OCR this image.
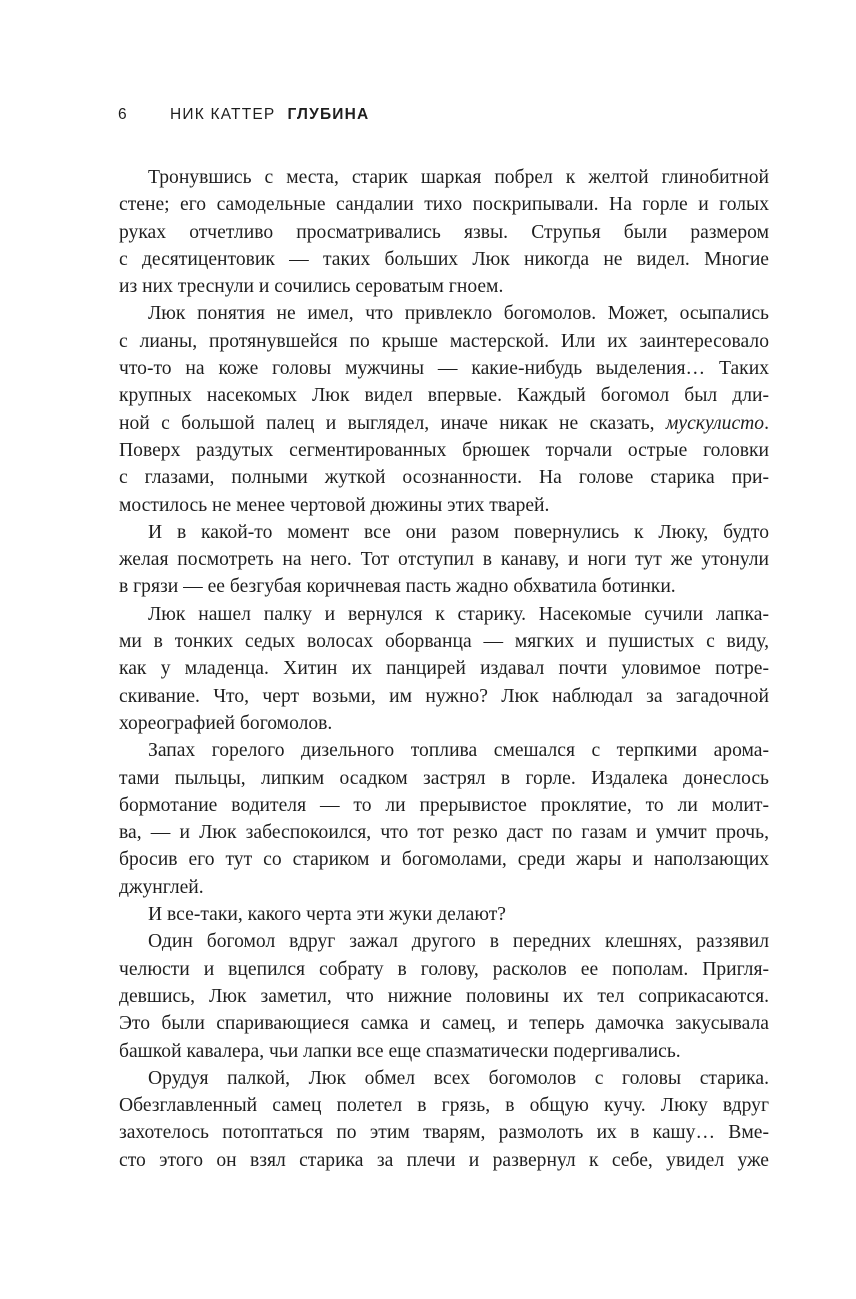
6	НИК КАТТЕР ГЛУБИНА
Тронувшись с места, старик шаркая побрел к желтой глинобитной
стене; его самодельные сандалии тихо поскрипывали. На горле и голых
руках отчетливо просматривались язвы. Струпья были размером
с десятицентовик — таких больших Люк никогда не видел. Многие
из них треснули и сочились сероватым гноем.
Люк понятия не имел, что привлекло богомолов. Может, осыпались
с лианы, протянувшейся по крыше мастерской. Или их заинтересовало
что-то на коже головы мужчины — какие-нибудь выделения… Таких
крупных насекомых Люк видел впервые. Каждый богомол был дли-
ной с большой палец и выглядел, иначе никак не сказать, мускулисто.
Поверх раздутых сегментированных брюшек торчали острые головки
с глазами, полными жуткой осознанности. На голове старика при-
мостилось не менее чертовой дюжины этих тварей.
И в какой-то момент все они разом повернулись к Люку, будто
желая посмотреть на него. Тот отступил в канаву, и ноги тут же утонули
в грязи — ее безгубая коричневая пасть жадно обхватила ботинки.
Люк нашел палку и вернулся к старику. Насекомые сучили лапка-
ми в тонких седых волосах оборванца — мягких и пушистых с виду,
как у младенца. Хитин их панцирей издавал почти уловимое потре-
скивание. Что, черт возьми, им нужно? Люк наблюдал за загадочной
хореографией богомолов.
Запах горелого дизельного топлива смешался с терпкими арома-
тами пыльцы, липким осадком застрял в горле. Издалека донеслось
бормотание водителя — то ли прерывистое проклятие, то ли молит-
ва, — и Люк забеспокоился, что тот резко даст по газам и умчит прочь,
бросив его тут со стариком и богомолами, среди жары и наползающих
джунглей.
И все-таки, какого черта эти жуки делают?
Один богомол вдруг зажал другого в передних клешнях, раззявил
челюсти и вцепился собрату в голову, расколов ее пополам. Пригля-
девшись, Люк заметил, что нижние половины их тел соприкасаются.
Это были спаривающиеся самка и самец, и теперь дамочка закусывала
башкой кавалера, чьи лапки все еще спазматически подергивались.
Орудуя палкой, Люк обмел всех богомолов с головы старика.
Обезглавленный самец полетел в грязь, в общую кучу. Люку вдруг
захотелось потоптаться по этим тварям, размолоть их в кашу… Вме-
сто этого он взял старика за плечи и развернул к себе, увидел уже
